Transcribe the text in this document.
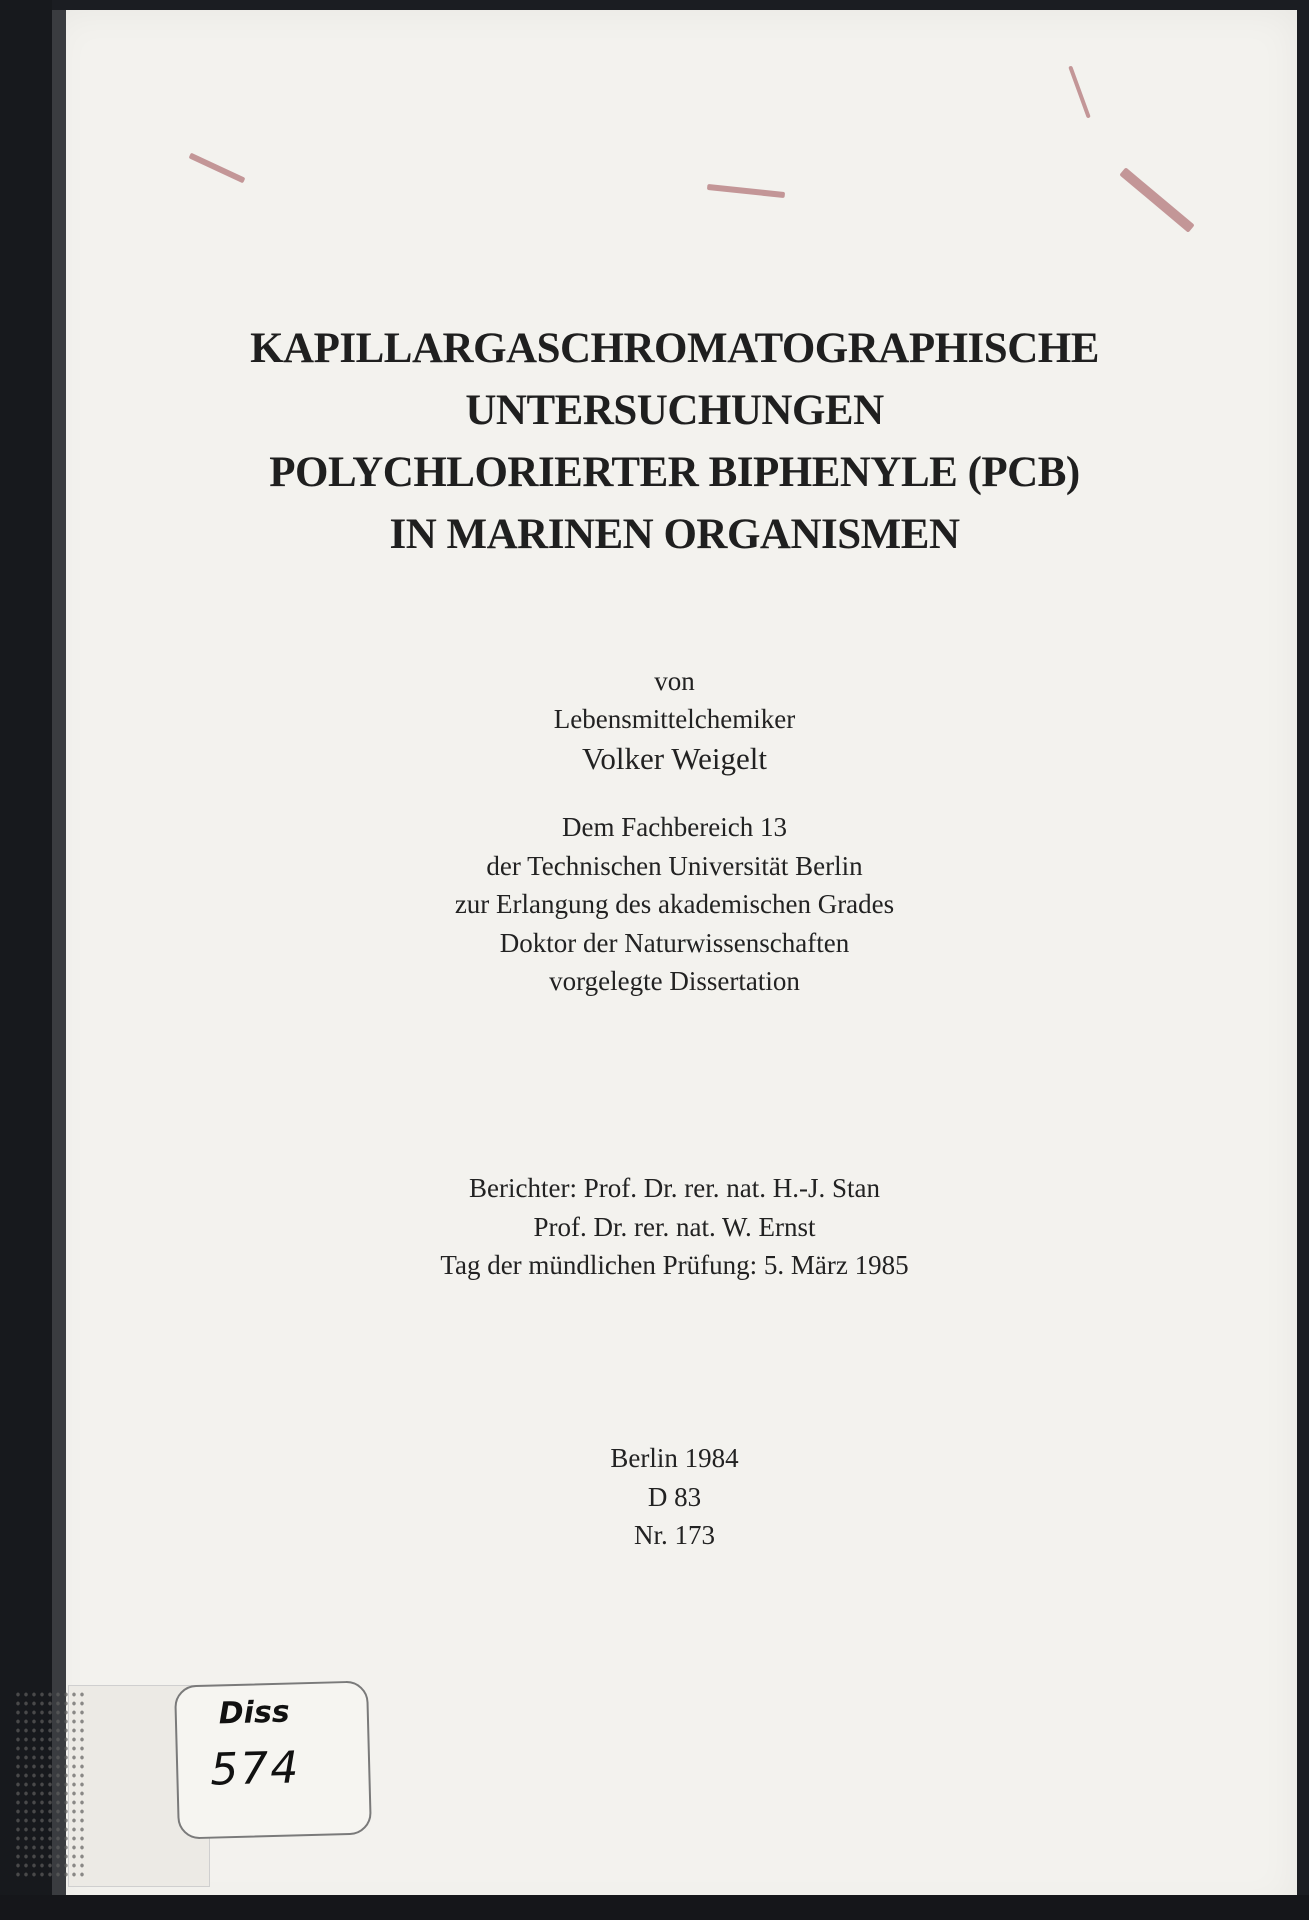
KAPILLARGASCHROMATOGRAPHISCHE
UNTERSUCHUNGEN
POLYCHLORIERTER BIPHENYLE (PCB)
IN MARINEN ORGANISMEN
von
Lebensmittelchemiker
Volker Weigelt
Dem Fachbereich 13
der Technischen Universität Berlin
zur Erlangung des akademischen Grades
Doktor der Naturwissenschaften
vorgelegte Dissertation
Berichter: Prof. Dr. rer. nat. H.-J. Stan
Prof. Dr. rer. nat. W. Ernst
Tag der mündlichen Prüfung: 5. März 1985
Berlin 1984
D 83
Nr. 173
Diss
574
